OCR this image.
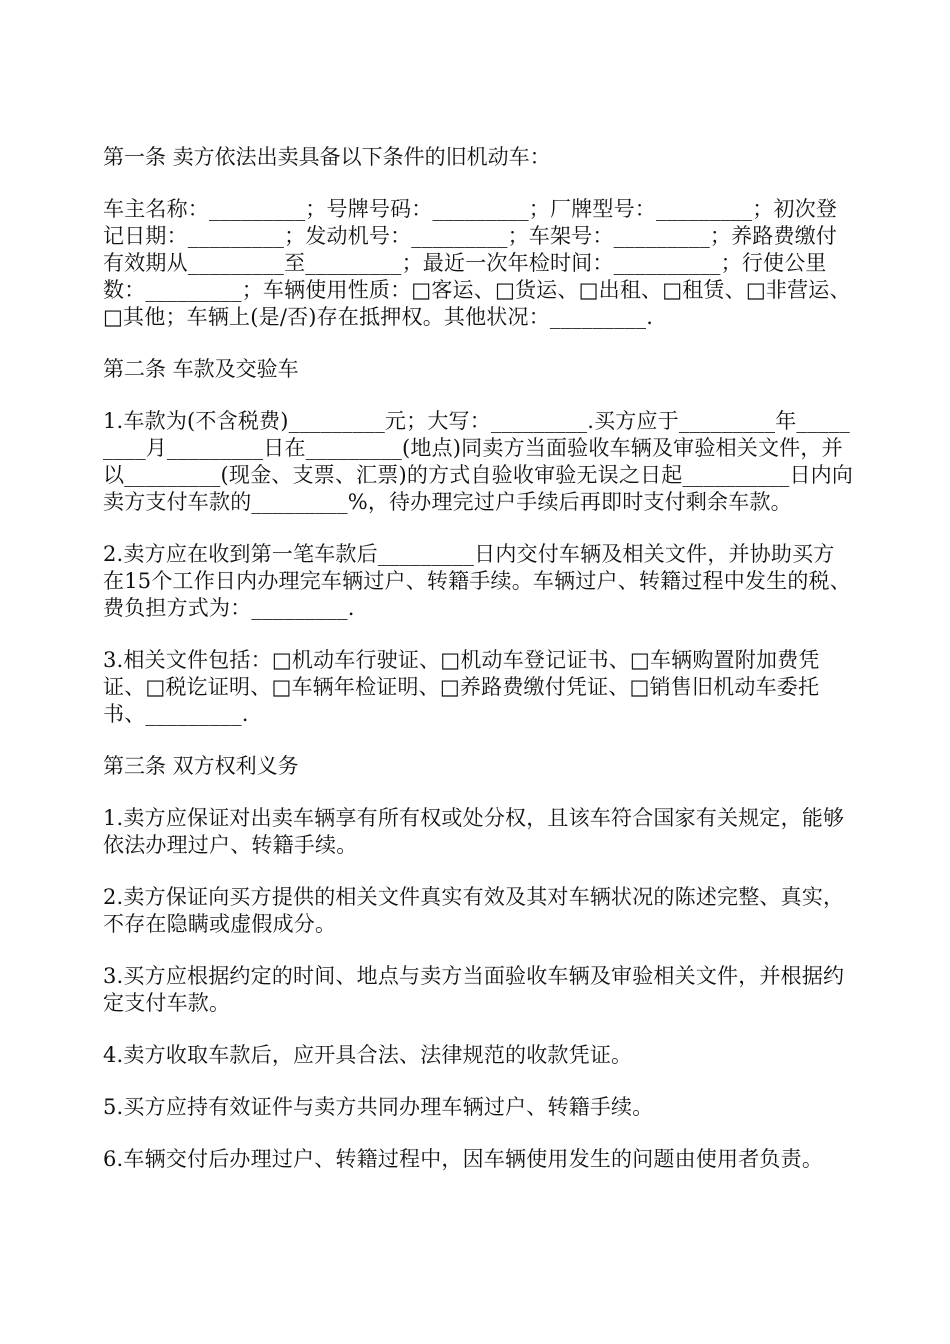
第一条 卖方依法出卖具备以下条件的旧机动车：

车主名称：_________；号牌号码：_________；厂牌型号：_________；初次登记日期：_________；发动机号：_________；车架号：_________；养路费缴付有效期从_________至_________；最近一次年检时间：__________；行使公里数：_________；车辆使用性质：□客运、□货运、□出租、□租赁、□非营运、□其他；车辆上(是/否)存在抵押权。其他状况：_________.

第二条 车款及交验车

1.车款为(不含税费)_________元；大写：_________.买方应于_________年_________月_________日在_________(地点)同卖方当面验收车辆及审验相关文件，并以_________(现金、支票、汇票)的方式自验收审验无误之日起__________日内向卖方支付车款的_________%，待办理完过户手续后再即时支付剩余车款。

2.卖方应在收到第一笔车款后_________日内交付车辆及相关文件，并协助买方在15个工作日内办理完车辆过户、转籍手续。车辆过户、转籍过程中发生的税、费负担方式为：_________.

3.相关文件包括：□机动车行驶证、□机动车登记证书、□车辆购置附加费凭证、□税讫证明、□车辆年检证明、□养路费缴付凭证、□销售旧机动车委托书、_________.

第三条 双方权利义务

1.卖方应保证对出卖车辆享有所有权或处分权，且该车符合国家有关规定，能够依法办理过户、转籍手续。

2.卖方保证向买方提供的相关文件真实有效及其对车辆状况的陈述完整、真实，不存在隐瞒或虚假成分。

3.买方应根据约定的时间、地点与卖方当面验收车辆及审验相关文件，并根据约定支付车款。

4.卖方收取车款后，应开具合法、法律规范的收款凭证。

5.买方应持有效证件与卖方共同办理车辆过户、转籍手续。

6.车辆交付后办理过户、转籍过程中，因车辆使用发生的问题由使用者负责。
